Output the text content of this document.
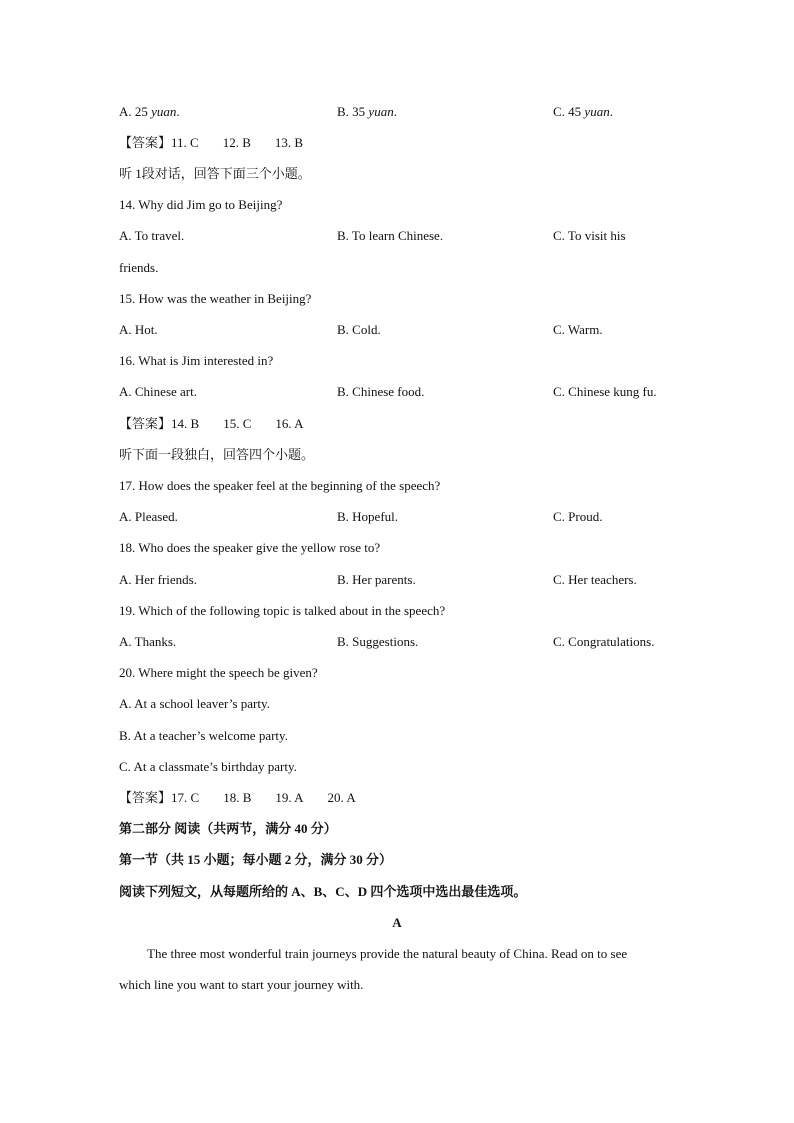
A. 25 yuan.	B. 35 yuan.	C. 45 yuan.
【答案】11. C 12. B 13. B
听 1段对话，回答下面三个小题。
14. Why did Jim go to Beijing?
A. To travel.	B. To learn Chinese.	C. To visit his
friends.
15. How was the weather in Beijing?
A. Hot.	B. Cold.	C. Warm.
16. What is Jim interested in?
A. Chinese art.	B. Chinese food.	C. Chinese kung fu.
【答案】14. B 15. C 16. A
听下面一段独白，回答四个小题。
17. How does the speaker feel at the beginning of the speech?
A. Pleased.	B. Hopeful.	C. Proud.
18. Who does the speaker give the yellow rose to?
A. Her friends.	B. Her parents.	C. Her teachers.
19. Which of the following topic is talked about in the speech?
A. Thanks.	B. Suggestions.	C. Congratulations.
20. Where might the speech be given?
A. At a school leaver’s party.
B. At a teacher’s welcome party.
C. At a classmate’s birthday party.
【答案】17. C 18. B 19. A 20. A
第二部分 阅读（共两节，满分 40 分）
第一节（共 15 小题；每小题 2 分，满分 30 分）
阅读下列短文，从每题所给的 A、B、C、D 四个选项中选出最佳选项。
A
The three most wonderful train journeys provide the natural beauty of China. Read on to see
which line you want to start your journey with.
